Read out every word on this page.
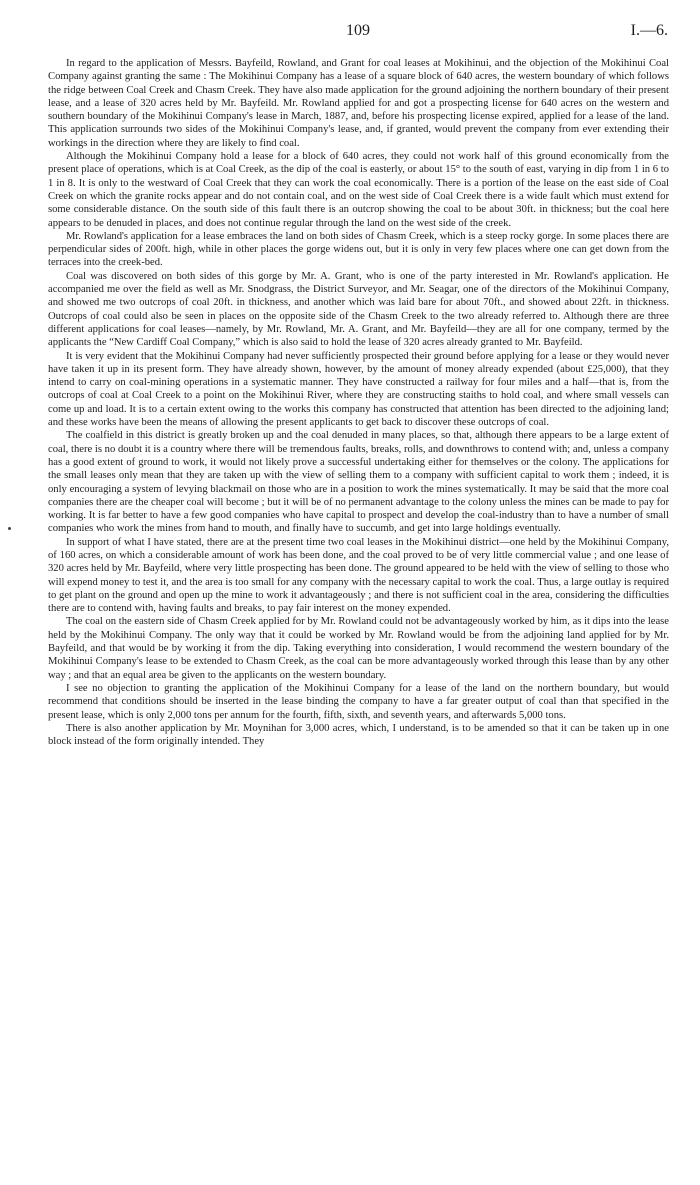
109	I.—6.

In regard to the application of Messrs. Bayfeild, Rowland, and Grant for coal leases at Mokihinui, and the objection of the Mokihinui Coal Company against granting the same : The Mokihinui Company has a lease of a square block of 640 acres, the western boundary of which follows the ridge between Coal Creek and Chasm Creek. They have also made application for the ground adjoining the northern boundary of their present lease, and a lease of 320 acres held by Mr. Bayfeild. Mr. Rowland applied for and got a prospecting license for 640 acres on the western and southern boundary of the Mokihinui Company's lease in March, 1887, and, before his prospecting license expired, applied for a lease of the land. This application surrounds two sides of the Mokihinui Company's lease, and, if granted, would prevent the company from ever extending their workings in the direction where they are likely to find coal.

Although the Mokihinui Company hold a lease for a block of 640 acres, they could not work half of this ground economically from the present place of operations, which is at Coal Creek, as the dip of the coal is easterly, or about 15° to the south of east, varying in dip from 1 in 6 to 1 in 8. It is only to the westward of Coal Creek that they can work the coal economically. There is a portion of the lease on the east side of Coal Creek on which the granite rocks appear and do not contain coal, and on the west side of Coal Creek there is a wide fault which must extend for some considerable distance. On the south side of this fault there is an outcrop showing the coal to be about 30ft. in thickness; but the coal here appears to be denuded in places, and does not continue regular through the land on the west side of the creek.

Mr. Rowland's application for a lease embraces the land on both sides of Chasm Creek, which is a steep rocky gorge. In some places there are perpendicular sides of 200ft. high, while in other places the gorge widens out, but it is only in very few places where one can get down from the terraces into the creek-bed.

Coal was discovered on both sides of this gorge by Mr. A. Grant, who is one of the party interested in Mr. Rowland's application. He accompanied me over the field as well as Mr. Snodgrass, the District Surveyor, and Mr. Seagar, one of the directors of the Mokihinui Company, and showed me two outcrops of coal 20ft. in thickness, and another which was laid bare for about 70ft., and showed about 22ft. in thickness. Outcrops of coal could also be seen in places on the opposite side of the Chasm Creek to the two already referred to. Although there are three different applications for coal leases—namely, by Mr. Rowland, Mr. A. Grant, and Mr. Bayfeild—they are all for one company, termed by the applicants the “New Cardiff Coal Company,” which is also said to hold the lease of 320 acres already granted to Mr. Bayfeild.

It is very evident that the Mokihinui Company had never sufficiently prospected their ground before applying for a lease or they would never have taken it up in its present form. They have already shown, however, by the amount of money already expended (about £25,000), that they intend to carry on coal-mining operations in a systematic manner. They have constructed a railway for four miles and a half—that is, from the outcrops of coal at Coal Creek to a point on the Mokihinui River, where they are constructing staiths to hold coal, and where small vessels can come up and load. It is to a certain extent owing to the works this company has constructed that attention has been directed to the adjoining land; and these works have been the means of allowing the present applicants to get back to discover these outcrops of coal.

The coalfield in this district is greatly broken up and the coal denuded in many places, so that, although there appears to be a large extent of coal, there is no doubt it is a country where there will be tremendous faults, breaks, rolls, and downthrows to contend with; and, unless a company has a good extent of ground to work, it would not likely prove a successful undertaking either for themselves or the colony. The applications for the small leases only mean that they are taken up with the view of selling them to a company with sufficient capital to work them ; indeed, it is only encouraging a system of levying blackmail on those who are in a position to work the mines systematically. It may be said that the more coal companies there are the cheaper coal will become ; but it will be of no permanent advantage to the colony unless the mines can be made to pay for working. It is far better to have a few good companies who have capital to prospect and develop the coal-industry than to have a number of small companies who work the mines from hand to mouth, and finally have to succumb, and get into large holdings eventually.

In support of what I have stated, there are at the present time two coal leases in the Mokihinui district—one held by the Mokihinui Company, of 160 acres, on which a considerable amount of work has been done, and the coal proved to be of very little commercial value ; and one lease of 320 acres held by Mr. Bayfeild, where very little prospecting has been done. The ground appeared to be held with the view of selling to those who will expend money to test it, and the area is too small for any company with the necessary capital to work the coal. Thus, a large outlay is required to get plant on the ground and open up the mine to work it advantageously ; and there is not sufficient coal in the area, considering the difficulties there are to contend with, having faults and breaks, to pay fair interest on the money expended.

The coal on the eastern side of Chasm Creek applied for by Mr. Rowland could not be advantageously worked by him, as it dips into the lease held by the Mokihinui Company. The only way that it could be worked by Mr. Rowland would be from the adjoining land applied for by Mr. Bayfeild, and that would be by working it from the dip. Taking everything into consideration, I would recommend the western boundary of the Mokihinui Company's lease to be extended to Chasm Creek, as the coal can be more advantageously worked through this lease than by any other way ; and that an equal area be given to the applicants on the western boundary.

I see no objection to granting the application of the Mokihinui Company for a lease of the land on the northern boundary, but would recommend that conditions should be inserted in the lease binding the company to have a far greater output of coal than that specified in the present lease, which is only 2,000 tons per annum for the fourth, fifth, sixth, and seventh years, and afterwards 5,000 tons.

There is also another application by Mr. Moynihan for 3,000 acres, which, I understand, is to be amended so that it can be taken up in one block instead of the form originally intended. They
